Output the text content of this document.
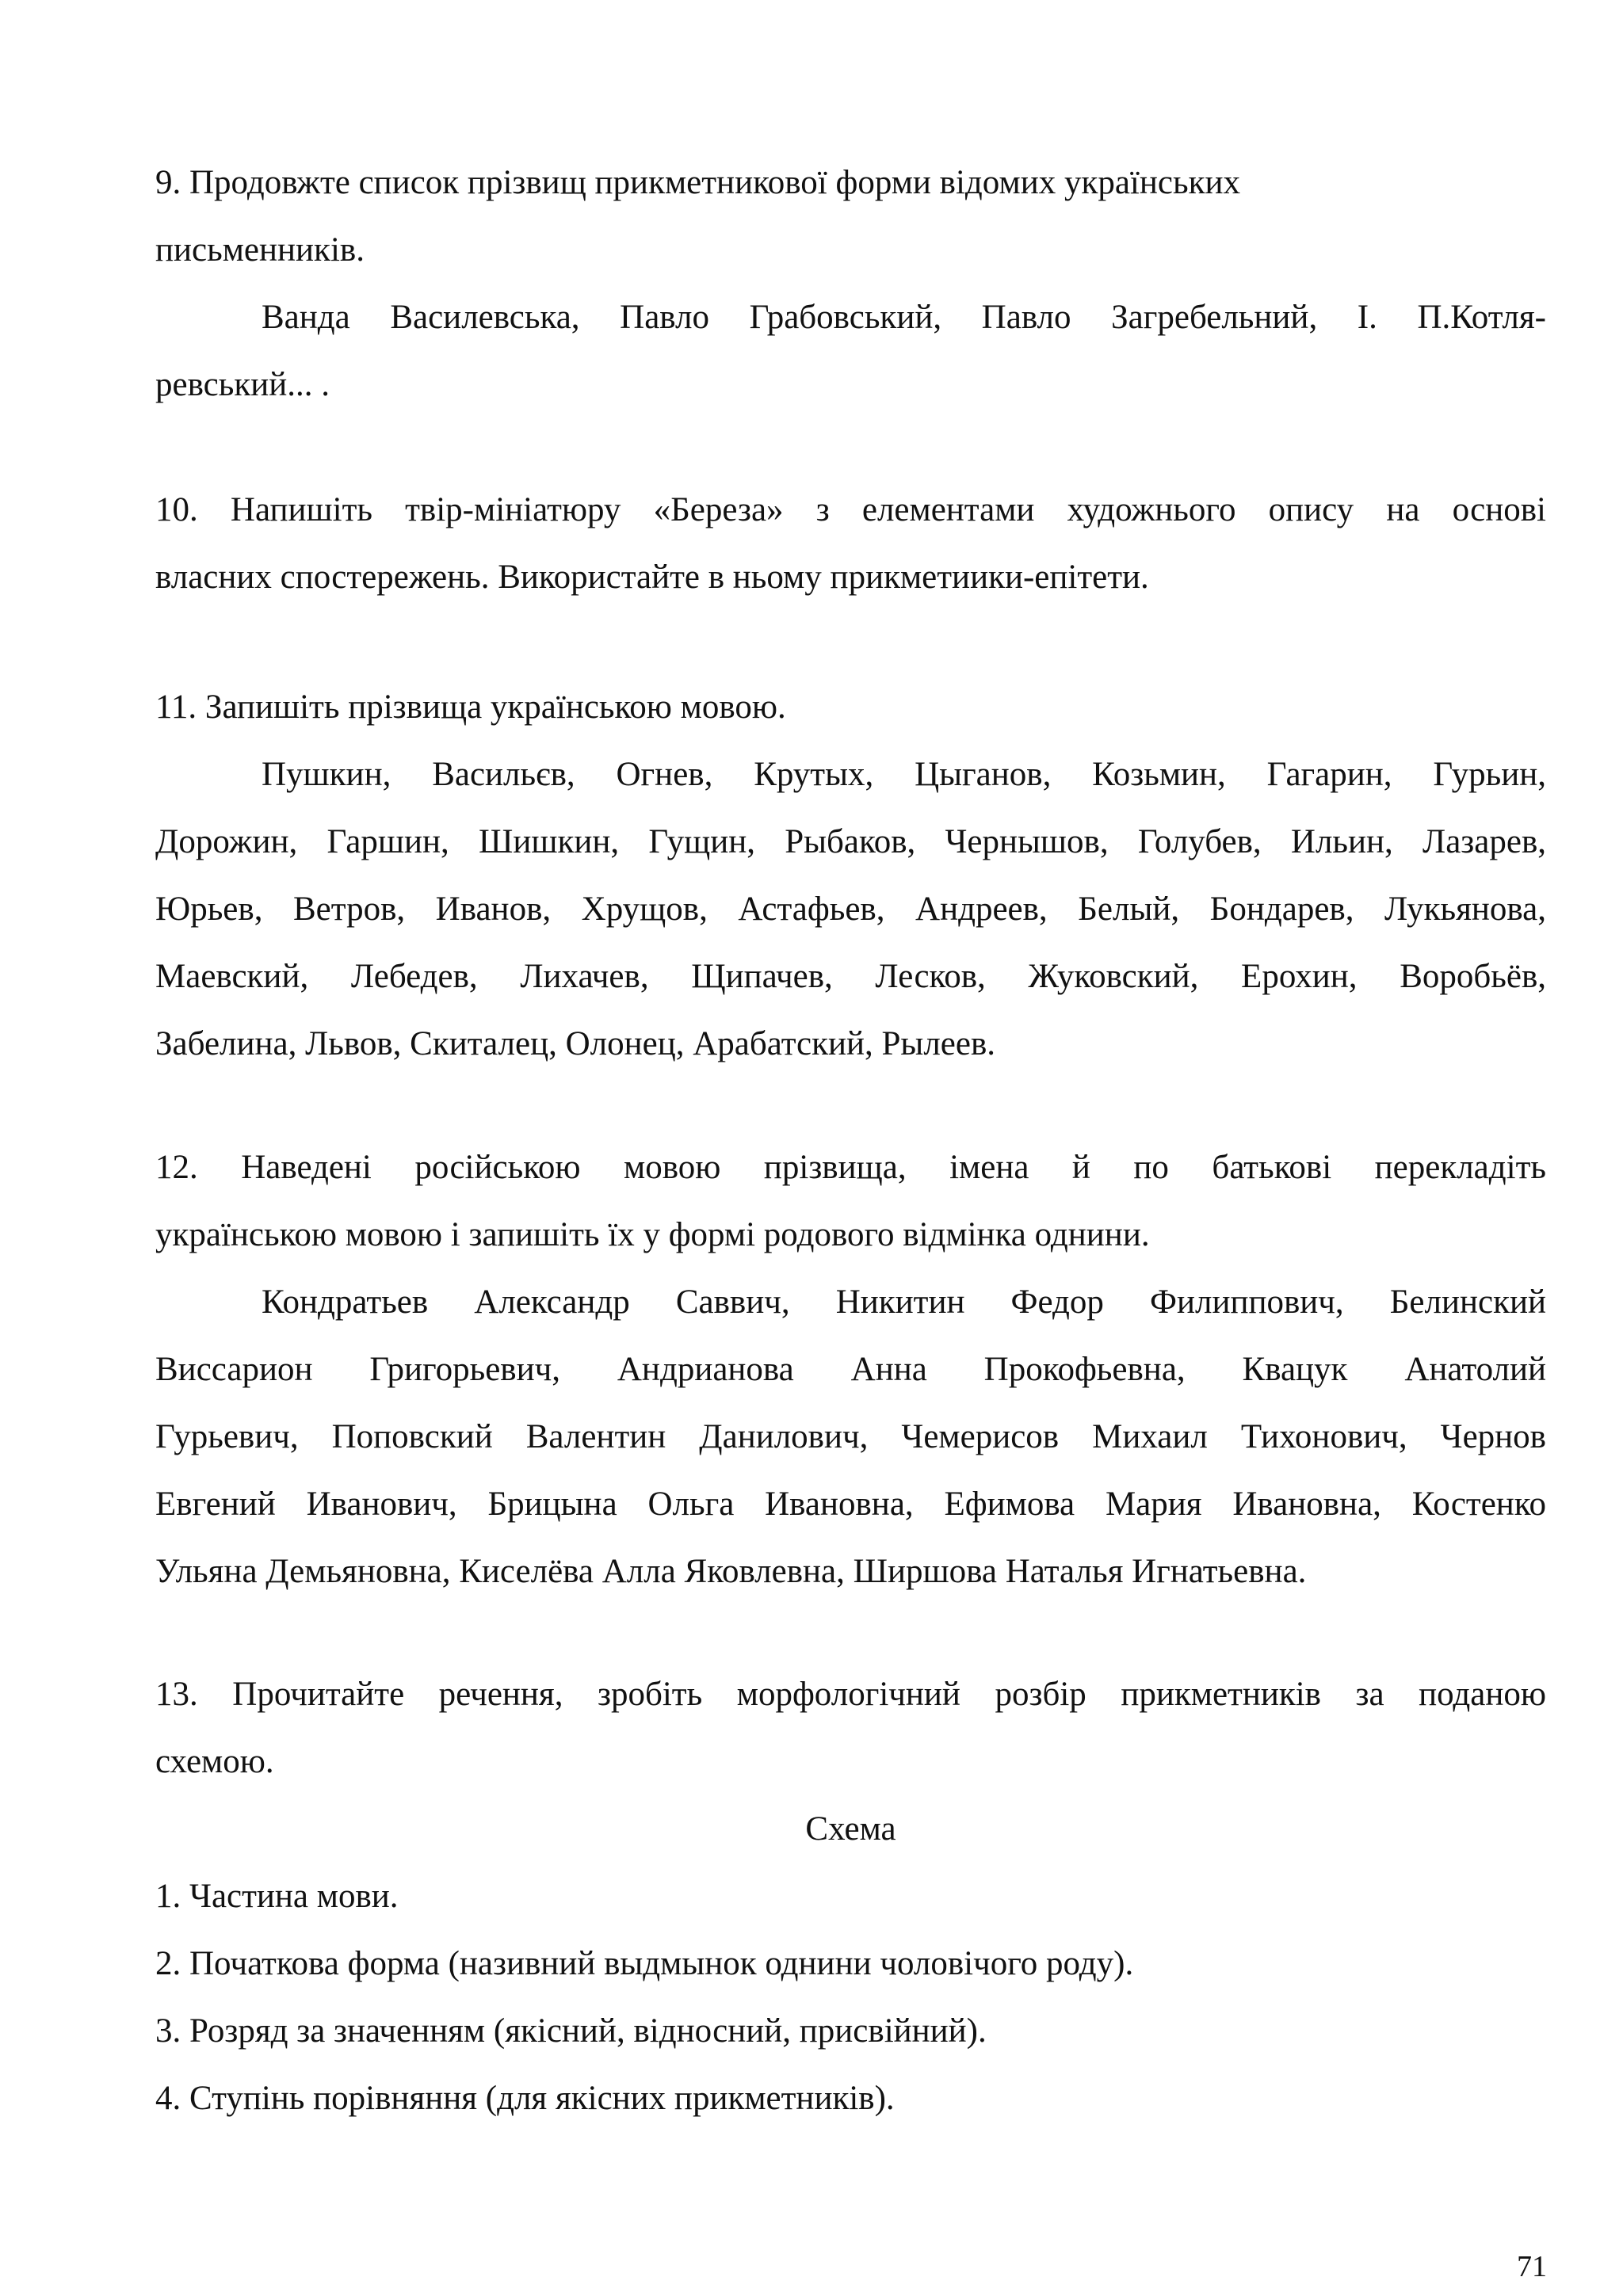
9. Продовжте список прізвищ прикметникової форми відомих українських
письменників.
Ванда Василевська, Павло Грабовський, Павло Загребельний, І. П.Котля-
ревський... .
10. Напишіть твір-мініатюру «Береза» з елементами художнього опису на основі
власних спостережень. Використайте в ньому прикметиики-епітети.
11. Запишіть прізвища українською мовою.
Пушкин, Васильєв, Огнев, Крутых, Цыганов, Козьмин, Гагарин, Гурьин,
Дорожин, Гаршин, Шишкин, Гущин, Рыбаков, Чернышов, Голубев, Ильин, Лазарев,
Юрьев, Ветров, Иванов, Хрущов, Астафьев, Андреев, Белый, Бондарев, Лукьянова,
Маевский, Лебедев, Лихачев, Щипачев, Лесков, Жуковский, Ерохин, Воробьёв,
Забелина, Львов, Скиталец, Олонец, Арабатский, Рылеев.
12. Наведені російською мовою прізвища, імена й по батькові перекладіть
українською мовою і запишіть їх у формі родового відмінка однини.
Кондратьев Александр Саввич, Никитин Федор Филиппович, Белинский
Виссарион Григорьевич, Андрианова Анна Прокофьевна, Квацук Анатолий
Гурьевич, Поповский Валентин Данилович, Чемерисов Михаил Тихонович, Чернов
Евгений Иванович, Брицына Ольга Ивановна, Ефимова Мария Ивановна, Костенко
Ульяна Демьяновна, Киселёва Алла Яковлевна, Ширшова Наталья Игнатьевна.
13. Прочитайте речення, зробіть морфологічний розбір прикметників за поданою
схемою.
Схема
1. Частина мови.
2. Початкова форма (називний выдмынок однини чоловічого роду).
3. Розряд за значенням (якісний, відносний, присвійний).
4. Ступінь порівняння (для якісних прикметників).
71
